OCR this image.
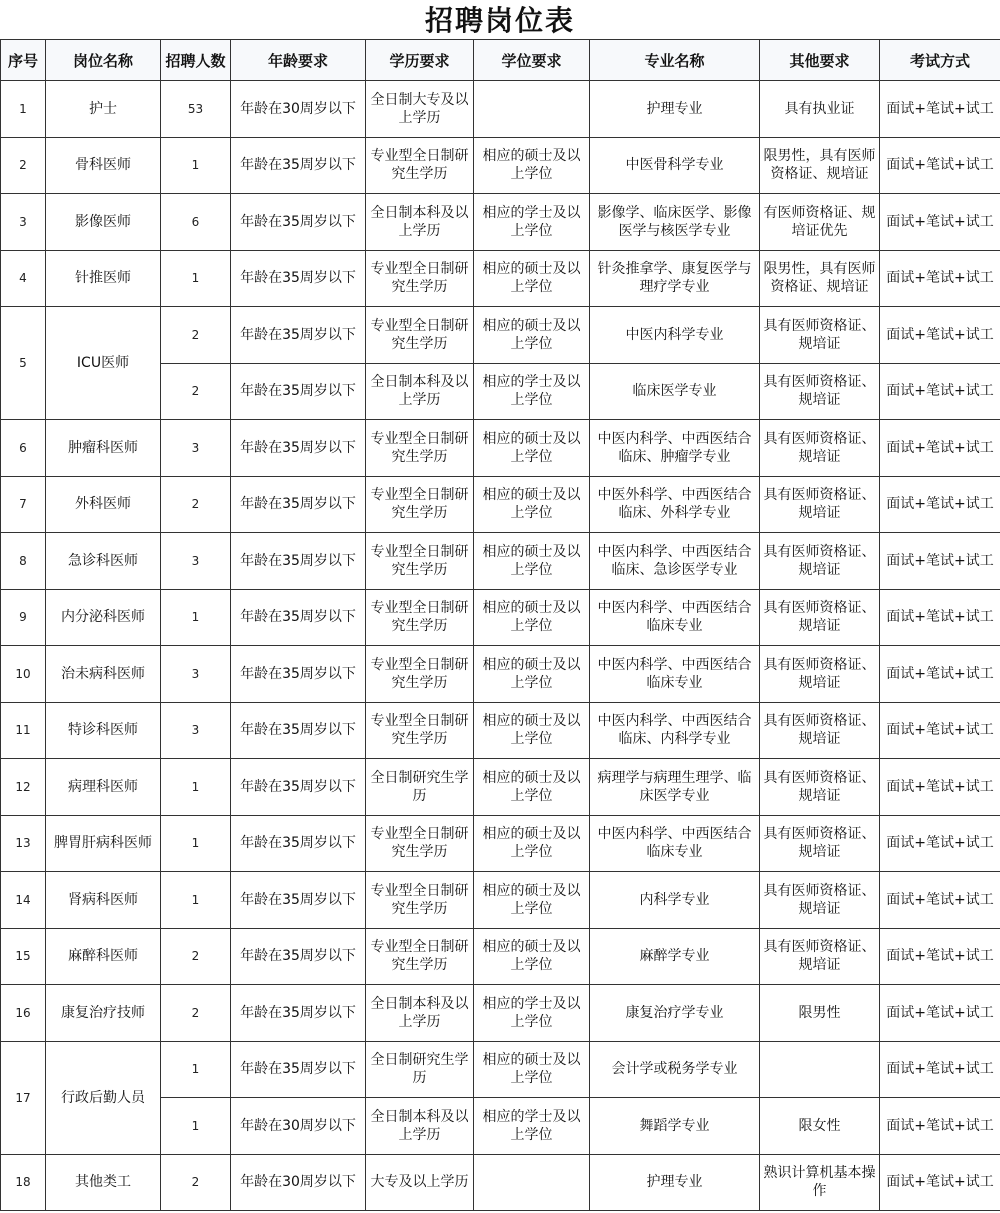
招聘岗位表
序号	岗位名称	招聘人数	年龄要求	学历要求	学位要求	专业名称	其他要求	考试方式
1	护士	53	年龄在30周岁以下	全日制大专及以上学历		护理专业	具有执业证	面试+笔试+试工
2	骨科医师	1	年龄在35周岁以下	专业型全日制研究生学历	相应的硕士及以上学位	中医骨科学专业	限男性，具有医师资格证、规培证	面试+笔试+试工
3	影像医师	6	年龄在35周岁以下	全日制本科及以上学历	相应的学士及以上学位	影像学、临床医学、影像医学与核医学专业	有医师资格证、规培证优先	面试+笔试+试工
4	针推医师	1	年龄在35周岁以下	专业型全日制研究生学历	相应的硕士及以上学位	针灸推拿学、康复医学与理疗学专业	限男性，具有医师资格证、规培证	面试+笔试+试工
5	ICU医师	2	年龄在35周岁以下	专业型全日制研究生学历	相应的硕士及以上学位	中医内科学专业	具有医师资格证、规培证	面试+笔试+试工
		2	年龄在35周岁以下	全日制本科及以上学历	相应的学士及以上学位	临床医学专业	具有医师资格证、规培证	面试+笔试+试工
6	肿瘤科医师	3	年龄在35周岁以下	专业型全日制研究生学历	相应的硕士及以上学位	中医内科学、中西医结合临床、肿瘤学专业	具有医师资格证、规培证	面试+笔试+试工
7	外科医师	2	年龄在35周岁以下	专业型全日制研究生学历	相应的硕士及以上学位	中医外科学、中西医结合临床、外科学专业	具有医师资格证、规培证	面试+笔试+试工
8	急诊科医师	3	年龄在35周岁以下	专业型全日制研究生学历	相应的硕士及以上学位	中医内科学、中西医结合临床、急诊医学专业	具有医师资格证、规培证	面试+笔试+试工
9	内分泌科医师	1	年龄在35周岁以下	专业型全日制研究生学历	相应的硕士及以上学位	中医内科学、中西医结合临床专业	具有医师资格证、规培证	面试+笔试+试工
10	治未病科医师	3	年龄在35周岁以下	专业型全日制研究生学历	相应的硕士及以上学位	中医内科学、中西医结合临床专业	具有医师资格证、规培证	面试+笔试+试工
11	特诊科医师	3	年龄在35周岁以下	专业型全日制研究生学历	相应的硕士及以上学位	中医内科学、中西医结合临床、内科学专业	具有医师资格证、规培证	面试+笔试+试工
12	病理科医师	1	年龄在35周岁以下	全日制研究生学历	相应的硕士及以上学位	病理学与病理生理学、临床医学专业	具有医师资格证、规培证	面试+笔试+试工
13	脾胃肝病科医师	1	年龄在35周岁以下	专业型全日制研究生学历	相应的硕士及以上学位	中医内科学、中西医结合临床专业	具有医师资格证、规培证	面试+笔试+试工
14	肾病科医师	1	年龄在35周岁以下	专业型全日制研究生学历	相应的硕士及以上学位	内科学专业	具有医师资格证、规培证	面试+笔试+试工
15	麻醉科医师	2	年龄在35周岁以下	专业型全日制研究生学历	相应的硕士及以上学位	麻醉学专业	具有医师资格证、规培证	面试+笔试+试工
16	康复治疗技师	2	年龄在35周岁以下	全日制本科及以上学历	相应的学士及以上学位	康复治疗学专业	限男性	面试+笔试+试工
17	行政后勤人员	1	年龄在35周岁以下	全日制研究生学历	相应的硕士及以上学位	会计学或税务学专业		面试+笔试+试工
		1	年龄在30周岁以下	全日制本科及以上学历	相应的学士及以上学位	舞蹈学专业	限女性	面试+笔试+试工
18	其他类工	2	年龄在30周岁以下	大专及以上学历		护理专业	熟识计算机基本操作	面试+笔试+试工
